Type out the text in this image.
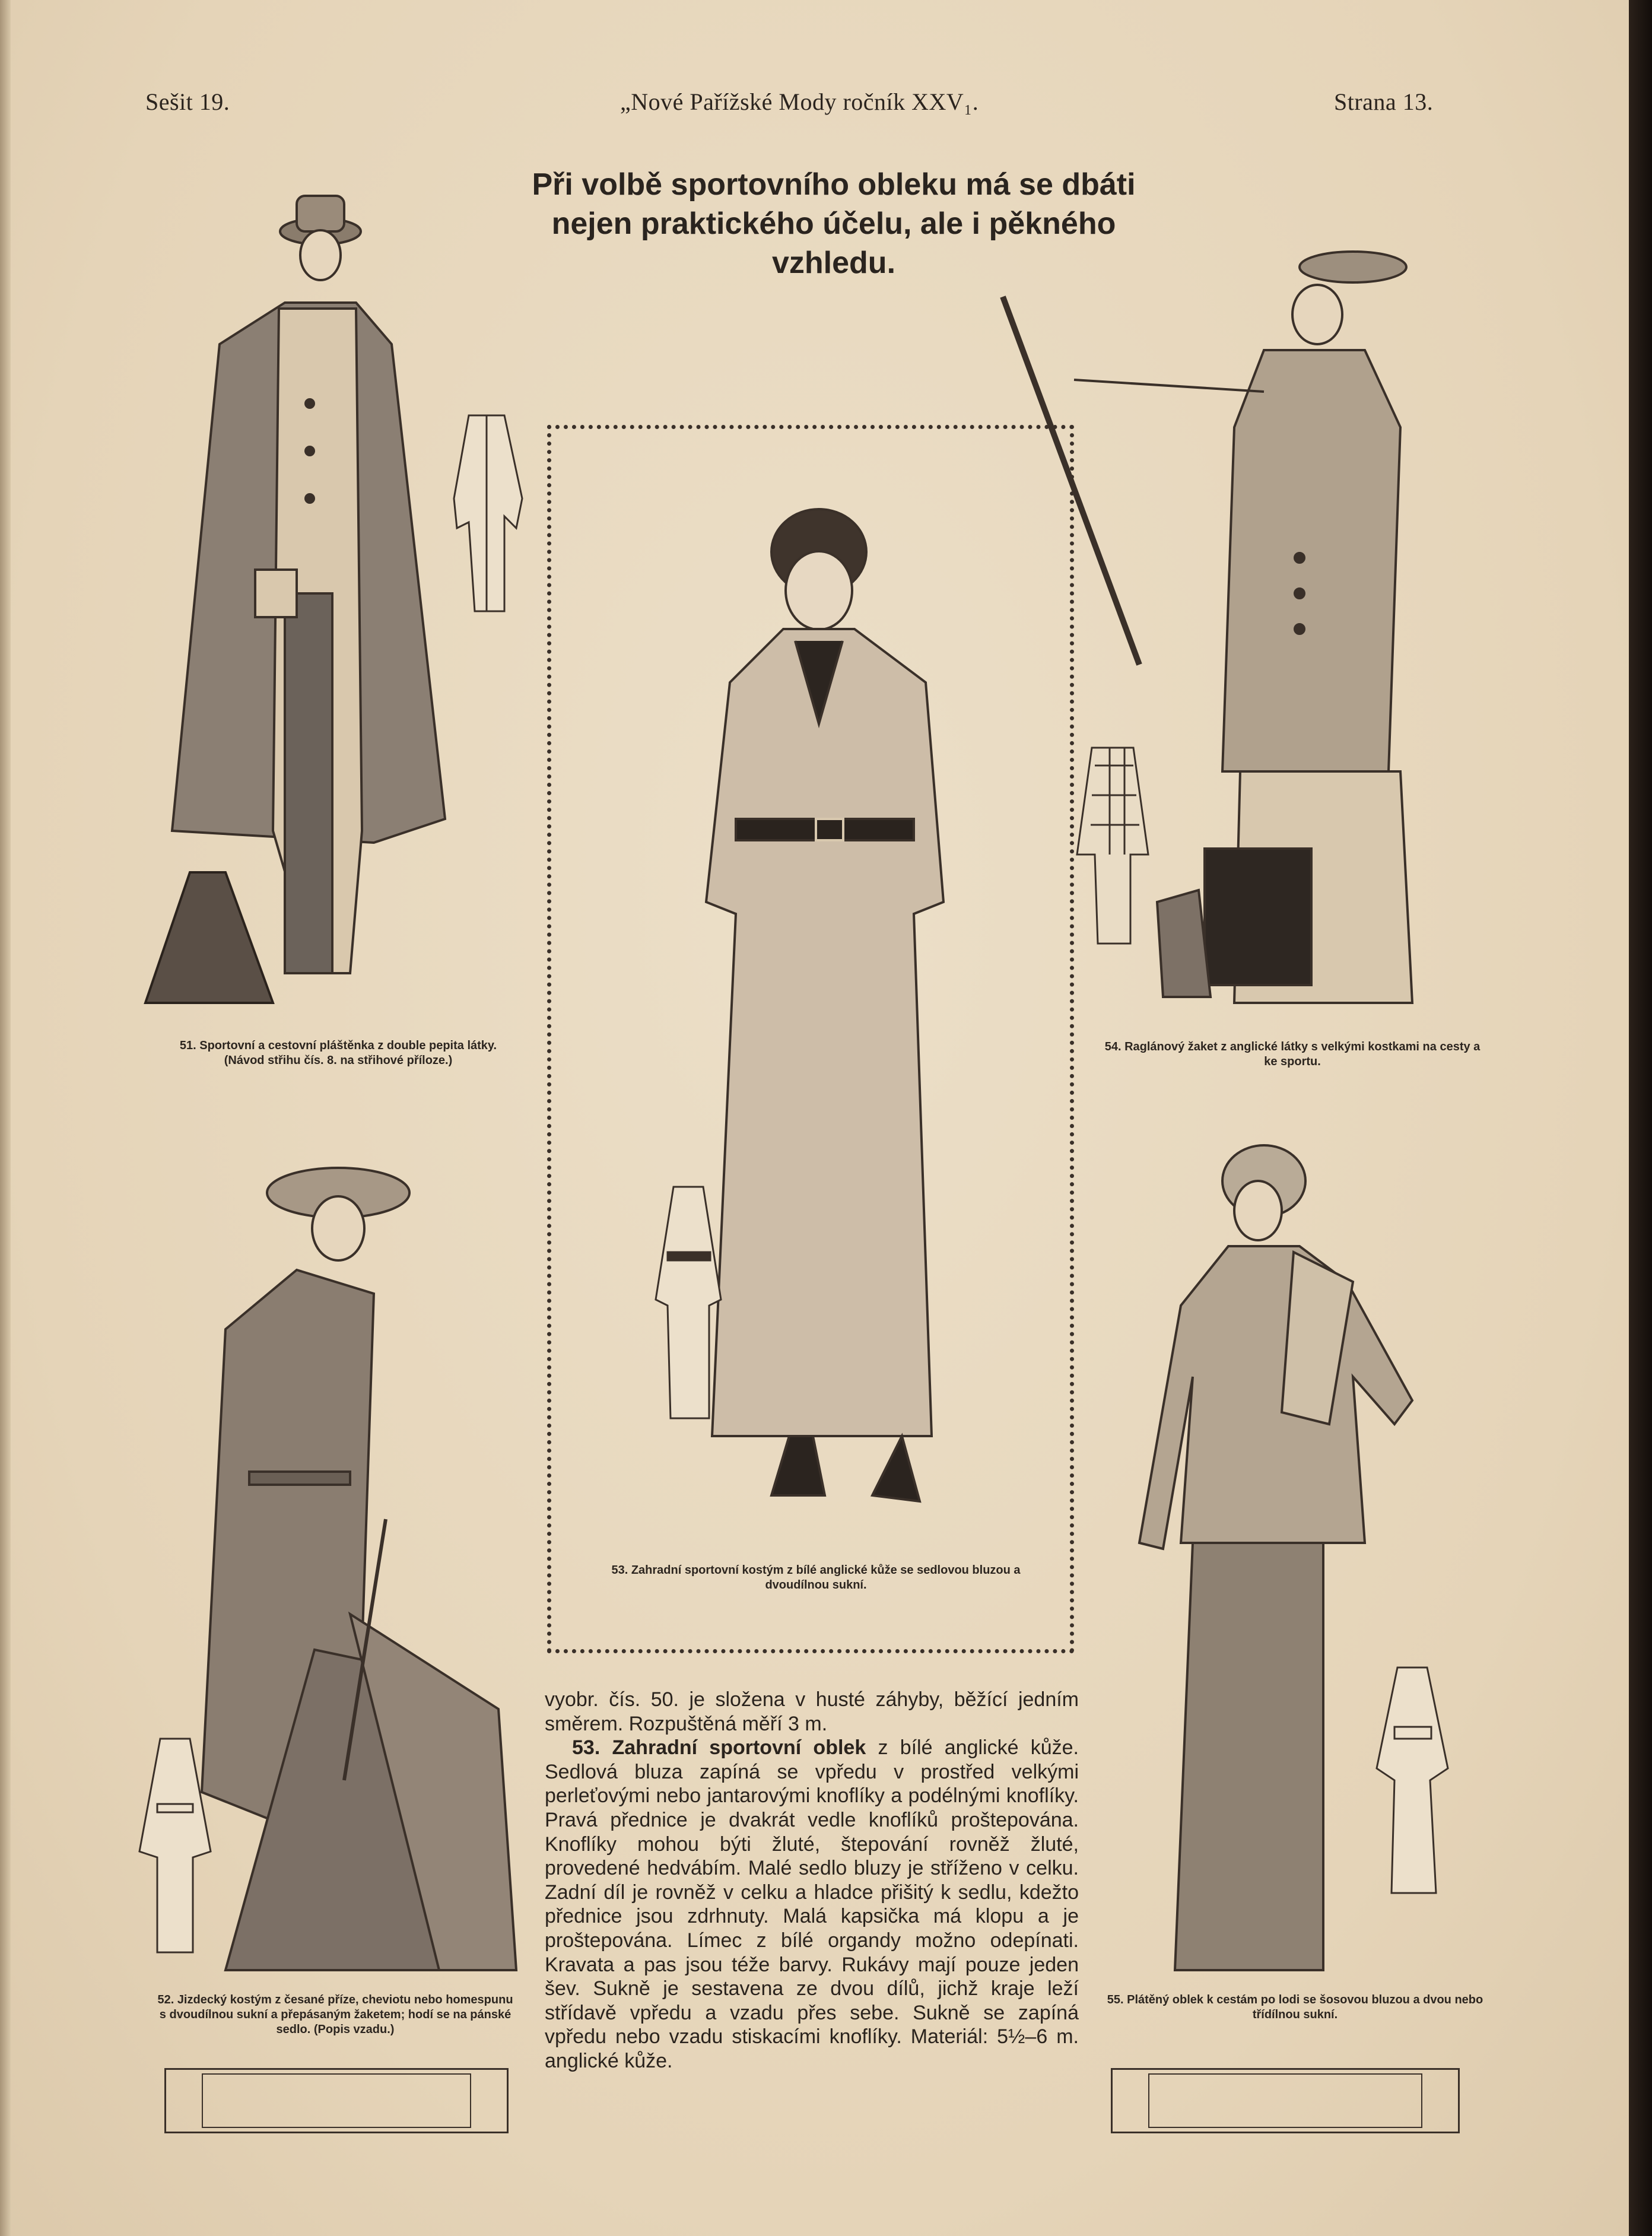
Sešit 19.	„Nové Pařížské Mody ročník XXV₁.	Strana 13.
Při volbě sportovního obleku má se dbáti nejen praktického účelu, ale i pěkného vzhledu.
51. Sportovní a cestovní pláštěnka z double pepita látky. (Návod střihu čís. 8. na střihové příloze.)
54. Raglánový žaket z anglické látky s velkými kostkami na cesty a ke sportu.
53. Zahradní sportovní kostým z bílé anglické kůže se sedlovou bluzou a dvoudílnou sukní.
52. Jizdecký kostým z česané příze, cheviotu nebo homespunu s dvoudílnou sukní a přepásaným žaketem; hodí se na pánské sedlo. (Popis vzadu.)
55. Plátěný oblek k cestám po lodi se šosovou bluzou a dvou nebo třídílnou sukní.

vyobr. čís. 50. je složena v husté záhyby, běžící jedním směrem. Rozpuštěná měří 3 m.

53. Zahradní sportovní oblek z bílé anglické kůže. Sedlová bluza zapíná se vpředu v prostřed velkými perleťovými nebo jantarovými knoflíky a podélnými knoflíky. Pravá přednice je dvakrát vedle knoflíků proštepována. Knoflíky mohou býti žluté, štepování rovněž žluté, provedené hedvábím. Malé sedlo bluzy je stříženo v celku. Zadní díl je rovněž v celku a hladce přišitý k sedlu, kdežto přednice jsou zdrhnuty. Malá kapsička má klopu a je proštepována. Límec z bílé organdy možno odepínati. Kravata a pas jsou téže barvy. Rukávy mají pouze jeden šev. Sukně je sestavena ze dvou dílů, jichž kraje leží střídavě vpředu a vzadu přes sebe. Sukně se zapíná vpředu nebo vzadu stiskacími knoflíky. Materiál: 5½–6 m. anglické kůže.
